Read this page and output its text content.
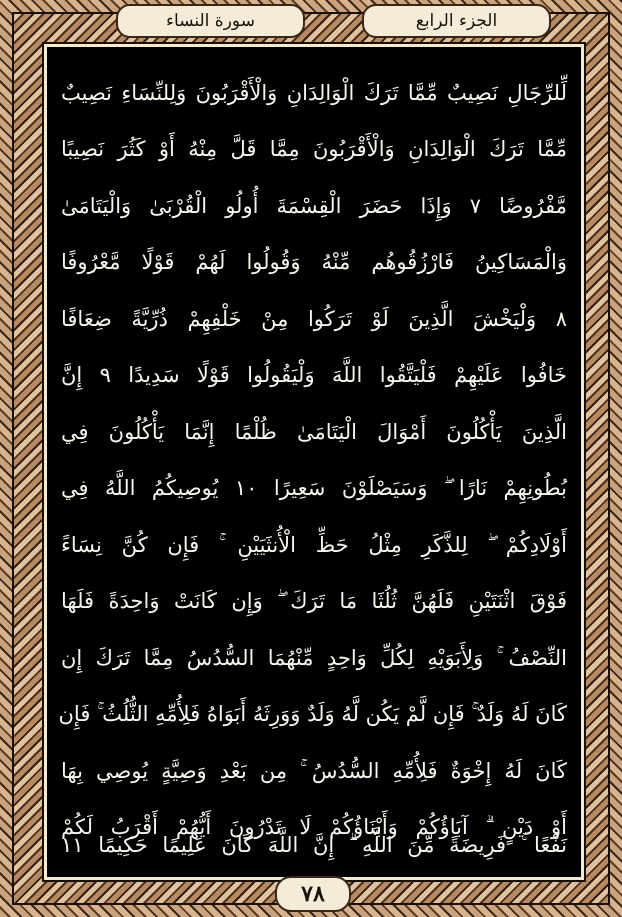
سورة النساء	الجزء الرابع
لِّلرِّجَالِ نَصِيبٌ مِّمَّا تَرَكَ الْوَالِدَانِ وَالْأَقْرَبُونَ وَلِلنِّسَاءِ نَصِيبٌ
مِّمَّا تَرَكَ الْوَالِدَانِ وَالْأَقْرَبُونَ مِمَّا قَلَّ مِنْهُ أَوْ كَثُرَ نَصِيبًا
مَّفْرُوضًا ٧ وَإِذَا حَضَرَ الْقِسْمَةَ أُولُو الْقُرْبَىٰ وَالْيَتَامَىٰ
وَالْمَسَاكِينُ فَارْزُقُوهُم مِّنْهُ وَقُولُوا لَهُمْ قَوْلًا مَّعْرُوفًا
٨ وَلْيَخْشَ الَّذِينَ لَوْ تَرَكُوا مِنْ خَلْفِهِمْ ذُرِّيَّةً ضِعَافًا
خَافُوا عَلَيْهِمْ فَلْيَتَّقُوا اللَّهَ وَلْيَقُولُوا قَوْلًا سَدِيدًا ٩ إِنَّ
الَّذِينَ يَأْكُلُونَ أَمْوَالَ الْيَتَامَىٰ ظُلْمًا إِنَّمَا يَأْكُلُونَ فِي
بُطُونِهِمْ نَارًا ۖ وَسَيَصْلَوْنَ سَعِيرًا ١٠ يُوصِيكُمُ اللَّهُ فِي
أَوْلَادِكُمْ ۖ لِلذَّكَرِ مِثْلُ حَظِّ الْأُنثَيَيْنِ ۚ فَإِن كُنَّ نِسَاءً
فَوْقَ اثْنَتَيْنِ فَلَهُنَّ ثُلُثَا مَا تَرَكَ ۖ وَإِن كَانَتْ وَاحِدَةً فَلَهَا
النِّصْفُ ۚ وَلِأَبَوَيْهِ لِكُلِّ وَاحِدٍ مِّنْهُمَا السُّدُسُ مِمَّا تَرَكَ إِن
كَانَ لَهُ وَلَدٌ ۚ فَإِن لَّمْ يَكُن لَّهُ وَلَدٌ وَوَرِثَهُ أَبَوَاهُ فَلِأُمِّهِ الثُّلُثُ ۚ فَإِن
كَانَ لَهُ إِخْوَةٌ فَلِأُمِّهِ السُّدُسُ ۚ مِن بَعْدِ وَصِيَّةٍ يُوصِي بِهَا
أَوْ دَيْنٍ ۗ آبَاؤُكُمْ وَأَبْنَاؤُكُمْ لَا تَدْرُونَ أَيُّهُمْ أَقْرَبُ لَكُمْ
نَفْعًا ۚ فَرِيضَةً مِّنَ اللَّهِ ۗ إِنَّ اللَّهَ كَانَ عَلِيمًا حَكِيمًا ١١
٧٨
